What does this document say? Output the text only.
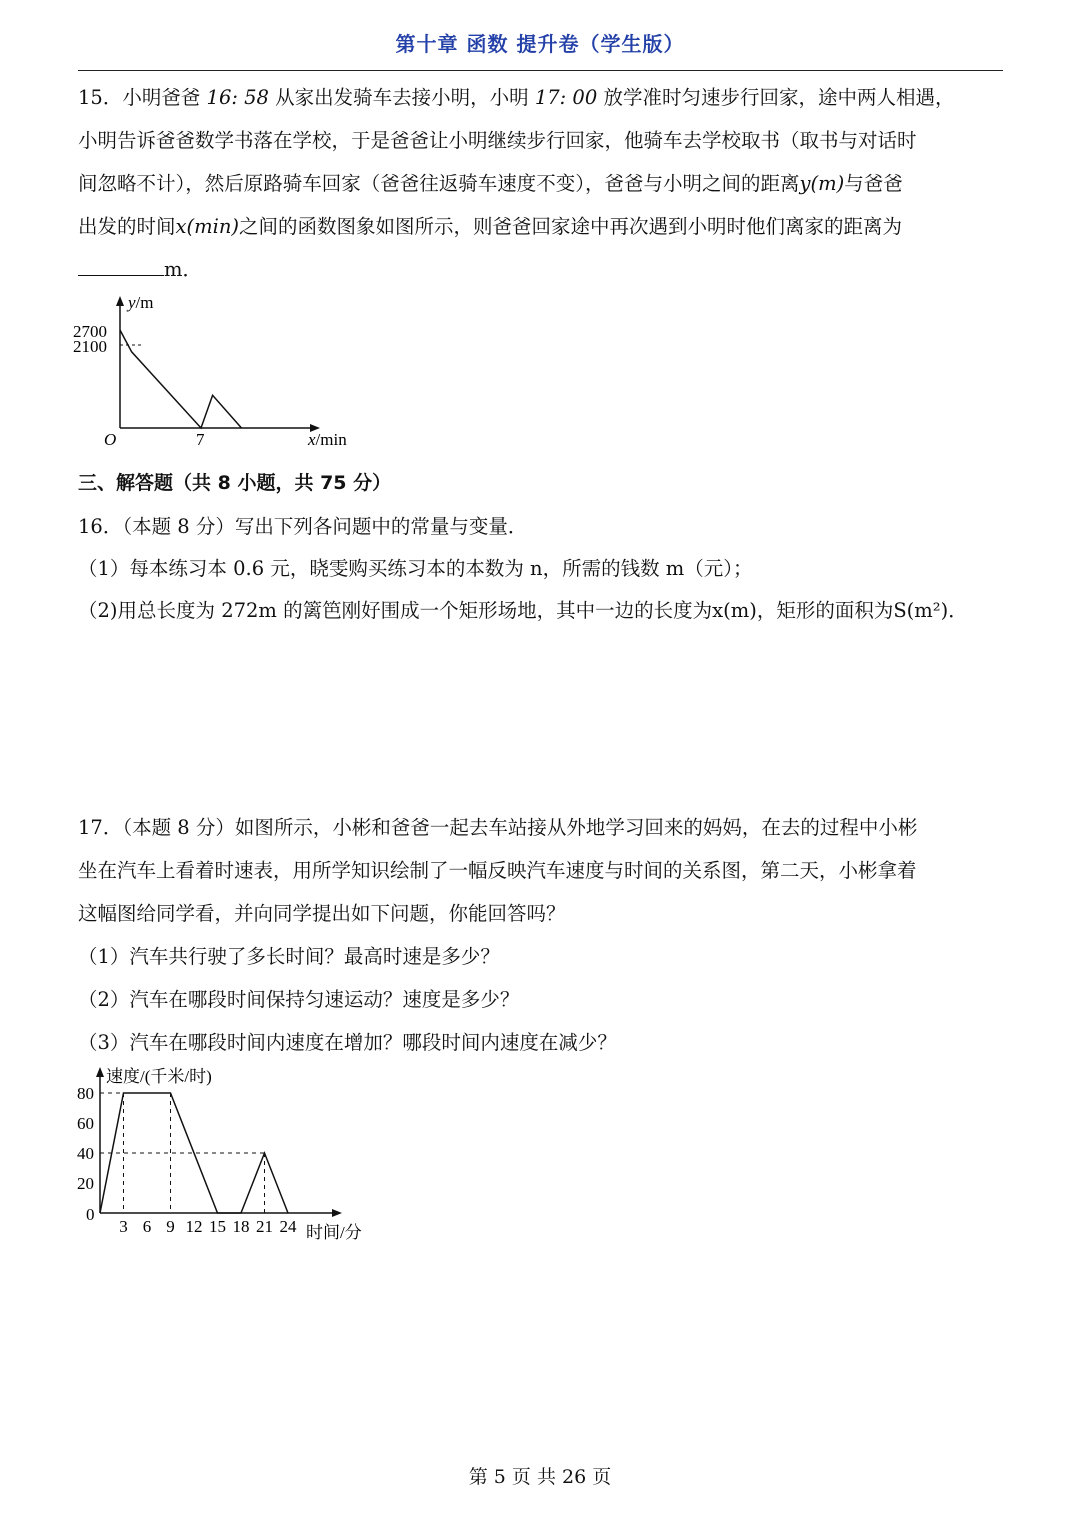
第十章 函数 提升卷（学生版）
15．小明爸爸 16: 58 从家出发骑车去接小明，小明 17: 00 放学准时匀速步行回家，途中两人相遇，
小明告诉爸爸数学书落在学校，于是爸爸让小明继续步行回家，他骑车去学校取书（取书与对话时
间忽略不计），然后原路骑车回家（爸爸往返骑车速度不变），爸爸与小明之间的距离y(m)与爸爸
出发的时间x(min)之间的函数图象如图所示，则爸爸回家途中再次遇到小明时他们离家的距离为
m．
y/m
x/min
O
2700
2100
7
三、解答题（共 8 小题，共 75 分）
16．（本题 8 分）写出下列各问题中的常量与变量．
（1）每本练习本 0.6 元，晓雯购买练习本的本数为 n，所需的钱数 m（元）；
（2)用总长度为 272m 的篱笆刚好围成一个矩形场地，其中一边的长度为x(m)，矩形的面积为S(m²)．
17．（本题 8 分）如图所示，小彬和爸爸一起去车站接从外地学习回来的妈妈，在去的过程中小彬
坐在汽车上看着时速表，用所学知识绘制了一幅反映汽车速度与时间的关系图，第二天，小彬拿着
这幅图给同学看，并向同学提出如下问题，你能回答吗？
（1）汽车共行驶了多长时间？最高时速是多少？
（2）汽车在哪段时间保持匀速运动？速度是多少？
（3）汽车在哪段时间内速度在增加？哪段时间内速度在减少？
速度/(千米/时)
时间/分
0
20
40
60
80
3 6 9 12 15 18 21 24
第 5 页 共 26 页
